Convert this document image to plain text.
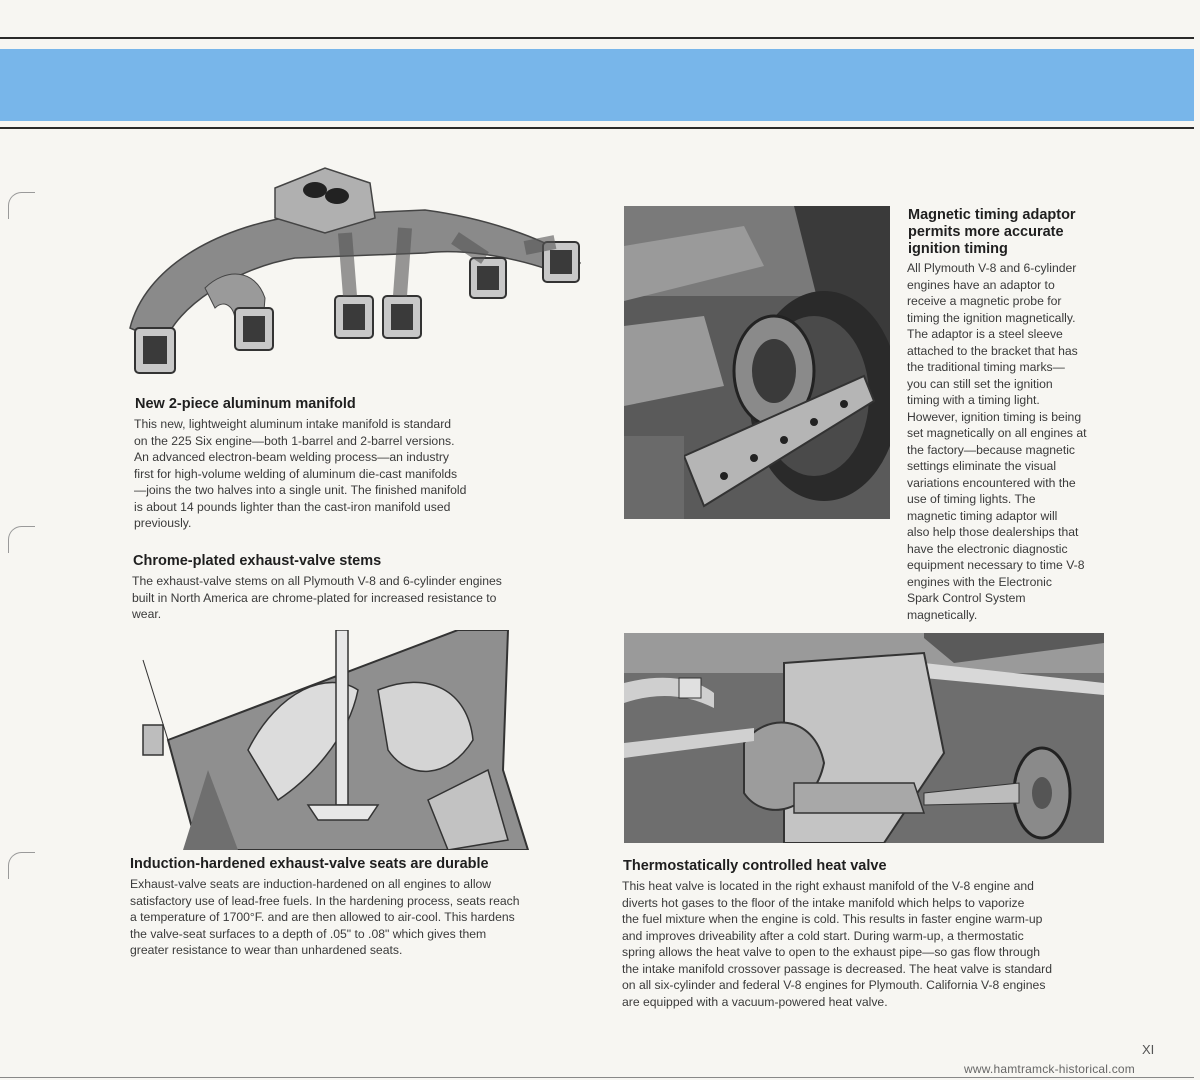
New 2-piece aluminum manifold
This new, lightweight aluminum intake manifold is standard
on the 225 Six engine—both 1-barrel and 2-barrel versions.
An advanced electron-beam welding process—an industry
first for high-volume welding of aluminum die-cast manifolds
—joins the two halves into a single unit. The finished manifold
is about 14 pounds lighter than the cast-iron manifold used
previously.
Chrome-plated exhaust-valve stems
The exhaust-valve stems on all Plymouth V-8 and 6-cylinder engines
built in North America are chrome-plated for increased resistance to
wear.
Magnetic timing adaptor
permits more accurate
ignition timing
All Plymouth V-8 and 6-cylinder
engines have an adaptor to
receive a magnetic probe for
timing the ignition magnetically.
The adaptor is a steel sleeve
attached to the bracket that has
the traditional timing marks—
you can still set the ignition
timing with a timing light.
However, ignition timing is being
set magnetically on all engines at
the factory—because magnetic
settings eliminate the visual
variations encountered with the
use of timing lights. The
magnetic timing adaptor will
also help those dealerships that
have the electronic diagnostic
equipment necessary to time V-8
engines with the Electronic
Spark Control System
magnetically.
Induction-hardened exhaust-valve seats are durable
Exhaust-valve seats are induction-hardened on all engines to allow
satisfactory use of lead-free fuels. In the hardening process, seats reach
a temperature of 1700°F. and are then allowed to air-cool. This hardens
the valve-seat surfaces to a depth of .05" to .08" which gives them
greater resistance to wear than unhardened seats.
Thermostatically controlled heat valve
This heat valve is located in the right exhaust manifold of the V-8 engine and
diverts hot gases to the floor of the intake manifold which helps to vaporize
the fuel mixture when the engine is cold. This results in faster engine warm-up
and improves driveability after a cold start. During warm-up, a thermostatic
spring allows the heat valve to open to the exhaust pipe—so gas flow through
the intake manifold crossover passage is decreased. The heat valve is standard
on all six-cylinder and federal V-8 engines for Plymouth. California V-8 engines
are equipped with a vacuum-powered heat valve.
XI
www.hamtramck-historical.com
